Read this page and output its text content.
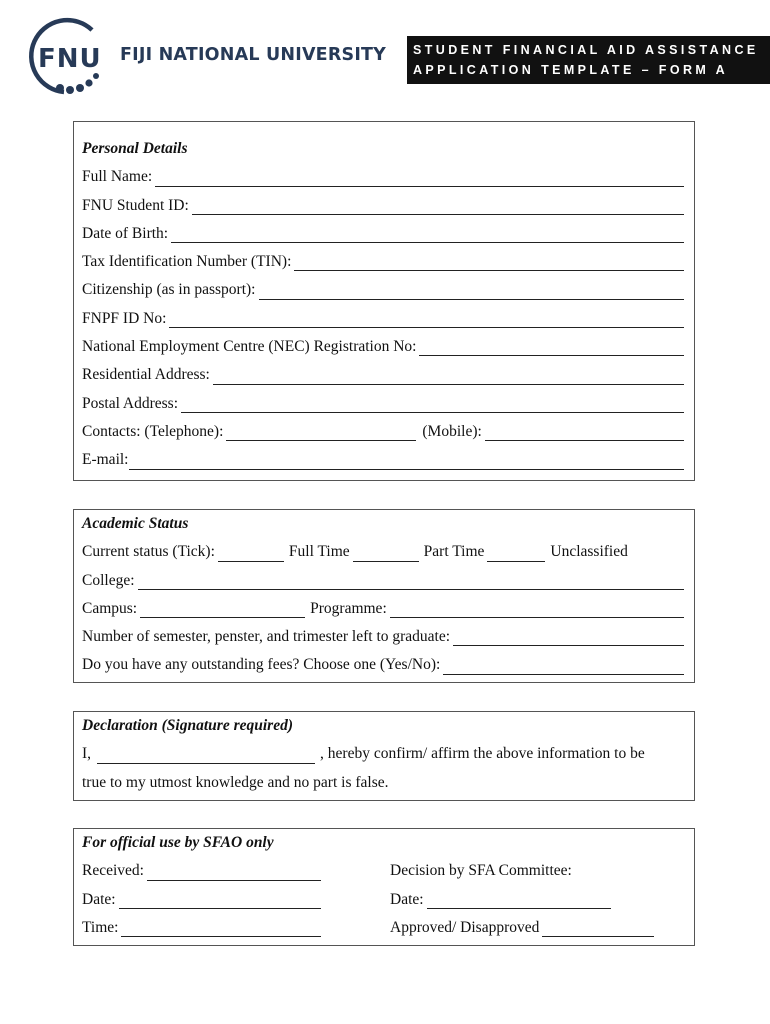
FNU FIJI NATIONAL UNIVERSITY STUDENT FINANCIAL AID ASSISTANCE
APPLICATION TEMPLATE – FORM A
Personal Details
Full Name:
FNU Student ID:
Date of Birth:
Tax Identification Number (TIN):
Citizenship (as in passport):
FNPF ID No:
National Employment Centre (NEC) Registration No:
Residential Address:
Postal Address:
Contacts: (Telephone):	(Mobile):
E-mail:
Academic Status
Current status (Tick):	Full Time	Part Time	Unclassified
College:
Campus:	Programme:
Number of semester, penster, and trimester left to graduate:
Do you have any outstanding fees? Choose one (Yes/No):
Declaration (Signature required)
I,	, hereby confirm/ affirm the above information to be
true to my utmost knowledge and no part is false.
For official use by SFAO only
Received:	Decision by SFA Committee:
Date:	Date:
Time:	Approved/ Disapproved
